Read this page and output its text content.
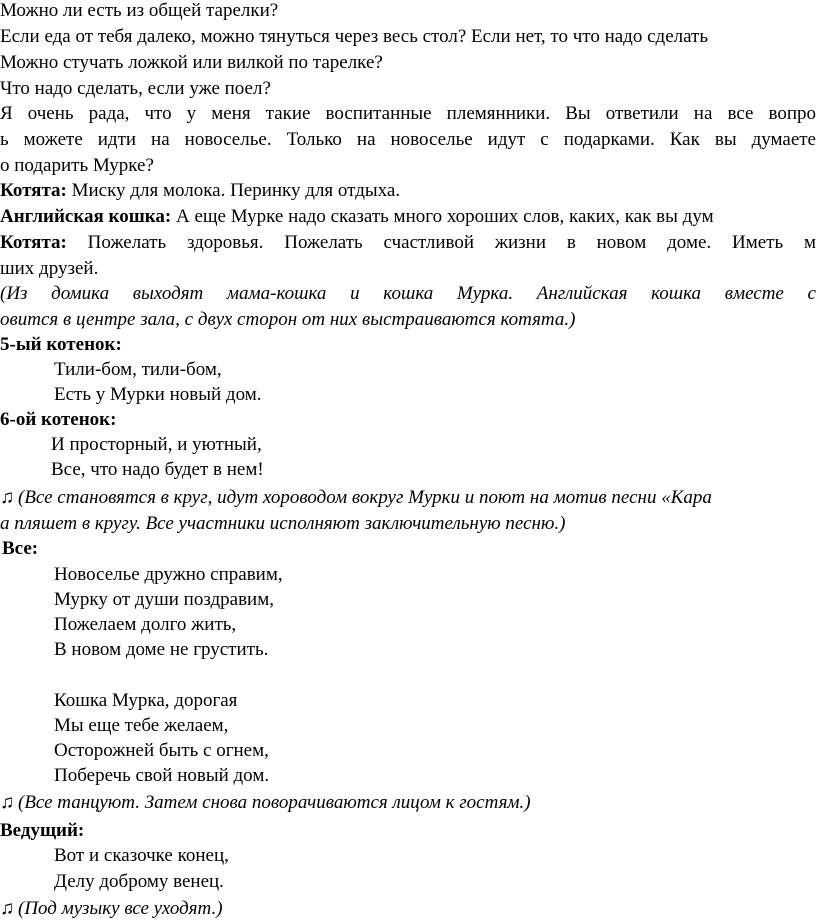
Можно ли есть из общей тарелки?
Если еда от тебя далеко, можно тянуться через весь стол? Если нет, то что надо сделать
Можно стучать ложкой или вилкой по тарелке?
Что надо сделать, если уже поел?
Я очень рада, что у меня такие воспитанные племянники. Вы ответили на все вопро
ь можете идти на новоселье. Только на новоселье идут с подарками. Как вы думаете
о подарить Мурке?
Котята: Миску для молока. Перинку для отдыха.
Английская кошка: А еще Мурке надо сказать много хороших слов, каких, как вы дум
Котята: Пожелать здоровья. Пожелать счастливой жизни в новом доме. Иметь м
ших друзей.
(Из домика выходят мама-кошка и кошка Мурка. Английская кошка вместе с
овится в центре зала, с двух сторон от них выстраиваются котята.)
5-ый котенок:
Тили-бом, тили-бом,
Есть у Мурки новый дом.
6-ой котенок:
И просторный, и уютный,
Все, что надо будет в нем!
♫ (Все становятся в круг, идут хороводом вокруг Мурки и поют на мотив песни «Кара
а пляшет в кругу. Все участники исполняют заключительную песню.)
Все:
Новоселье дружно справим,
Мурку от души поздравим,
Пожелаем долго жить,
В новом доме не грустить.
Кошка Мурка, дорогая
Мы еще тебе желаем,
Осторожней быть с огнем,
Поберечь свой новый дом.
♫ (Все танцуют. Затем снова поворачиваются лицом к гостям.)
Ведущий:
Вот и сказочке конец,
Делу доброму венец.
♫ (Под музыку все уходят.)
